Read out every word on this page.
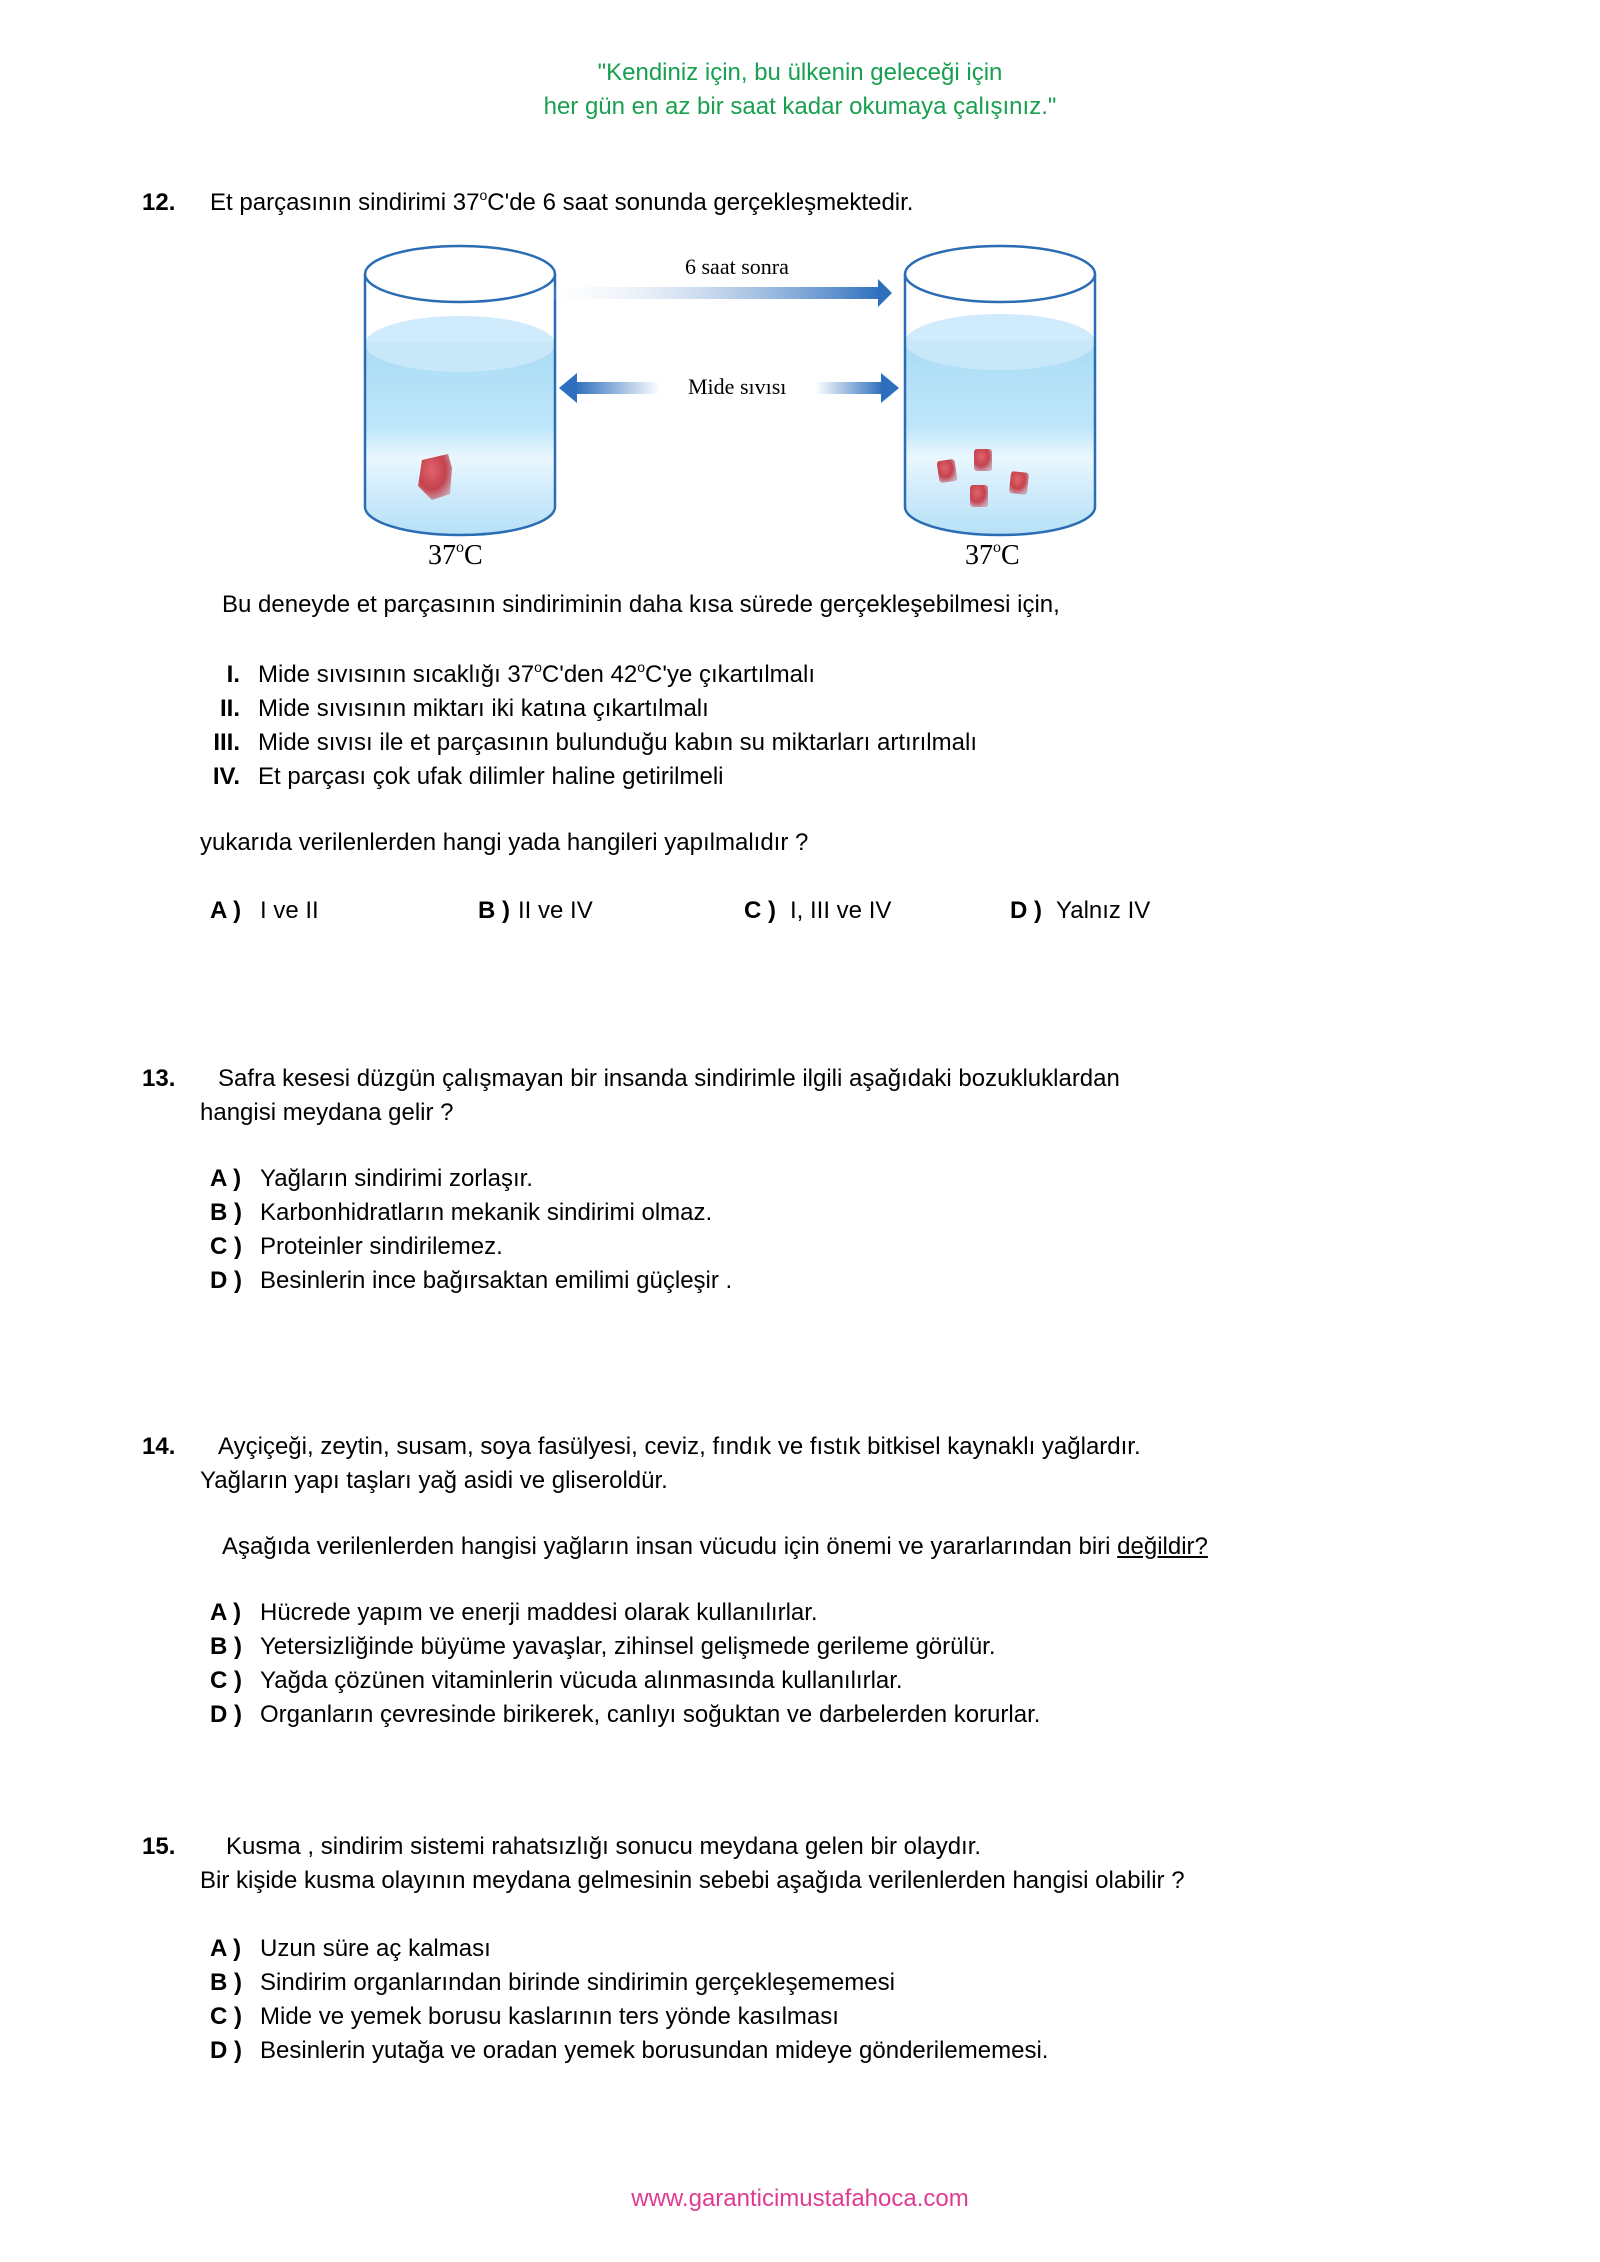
"Kendiniz için, bu ülkenin geleceği için
her gün en az bir saat kadar okumaya çalışınız."
12. Et parçasının sindirimi 37$^o$C'de 6 saat sonunda gerçekleşmektedir.
6 saat sonra
Mide sıvısı
37$^o$C	37$^o$C
Bu deneyde et parçasının sindiriminin daha kısa sürede gerçekleşebilmesi için,
I. Mide sıvısının sıcaklığı 37$^o$C'den 42$^o$C'ye çıkartılmalı
II. Mide sıvısının miktarı iki katına çıkartılmalı
III. Mide sıvısı ile et parçasının bulunduğu kabın su miktarları artırılmalı
IV. Et parçası çok ufak dilimler haline getirilmeli
yukarıda verilenlerden hangi yada hangileri yapılmalıdır ?
A ) I ve II	B ) II ve IV	C ) I, III ve IV	D ) Yalnız IV
13. Safra kesesi düzgün çalışmayan bir insanda sindirimle ilgili aşağıdaki bozukluklardan
hangisi meydana gelir ?
A ) Yağların sindirimi zorlaşır.
B ) Karbonhidratların mekanik sindirimi olmaz.
C ) Proteinler sindirilemez.
D ) Besinlerin ince bağırsaktan emilimi güçleşir .
14. Ayçiçeği, zeytin, susam, soya fasülyesi, ceviz, fındık ve fıstık bitkisel kaynaklı yağlardır.
Yağların yapı taşları yağ asidi ve gliseroldür.
Aşağıda verilenlerden hangisi yağların insan vücudu için önemi ve yararlarından biri değildir?
A ) Hücrede yapım ve enerji maddesi olarak kullanılırlar.
B ) Yetersizliğinde büyüme yavaşlar, zihinsel gelişmede gerileme görülür.
C ) Yağda çözünen vitaminlerin vücuda alınmasında kullanılırlar.
D ) Organların çevresinde birikerek, canlıyı soğuktan ve darbelerden korurlar.
15. Kusma , sindirim sistemi rahatsızlığı sonucu meydana gelen bir olaydır.
Bir kişide kusma olayının meydana gelmesinin sebebi aşağıda verilenlerden hangisi olabilir ?
A ) Uzun süre aç kalması
B ) Sindirim organlarından birinde sindirimin gerçekleşememesi
C ) Mide ve yemek borusu kaslarının ters yönde kasılması
D ) Besinlerin yutağa ve oradan yemek borusundan mideye gönderilememesi.
www.garanticimustafahoca.com
